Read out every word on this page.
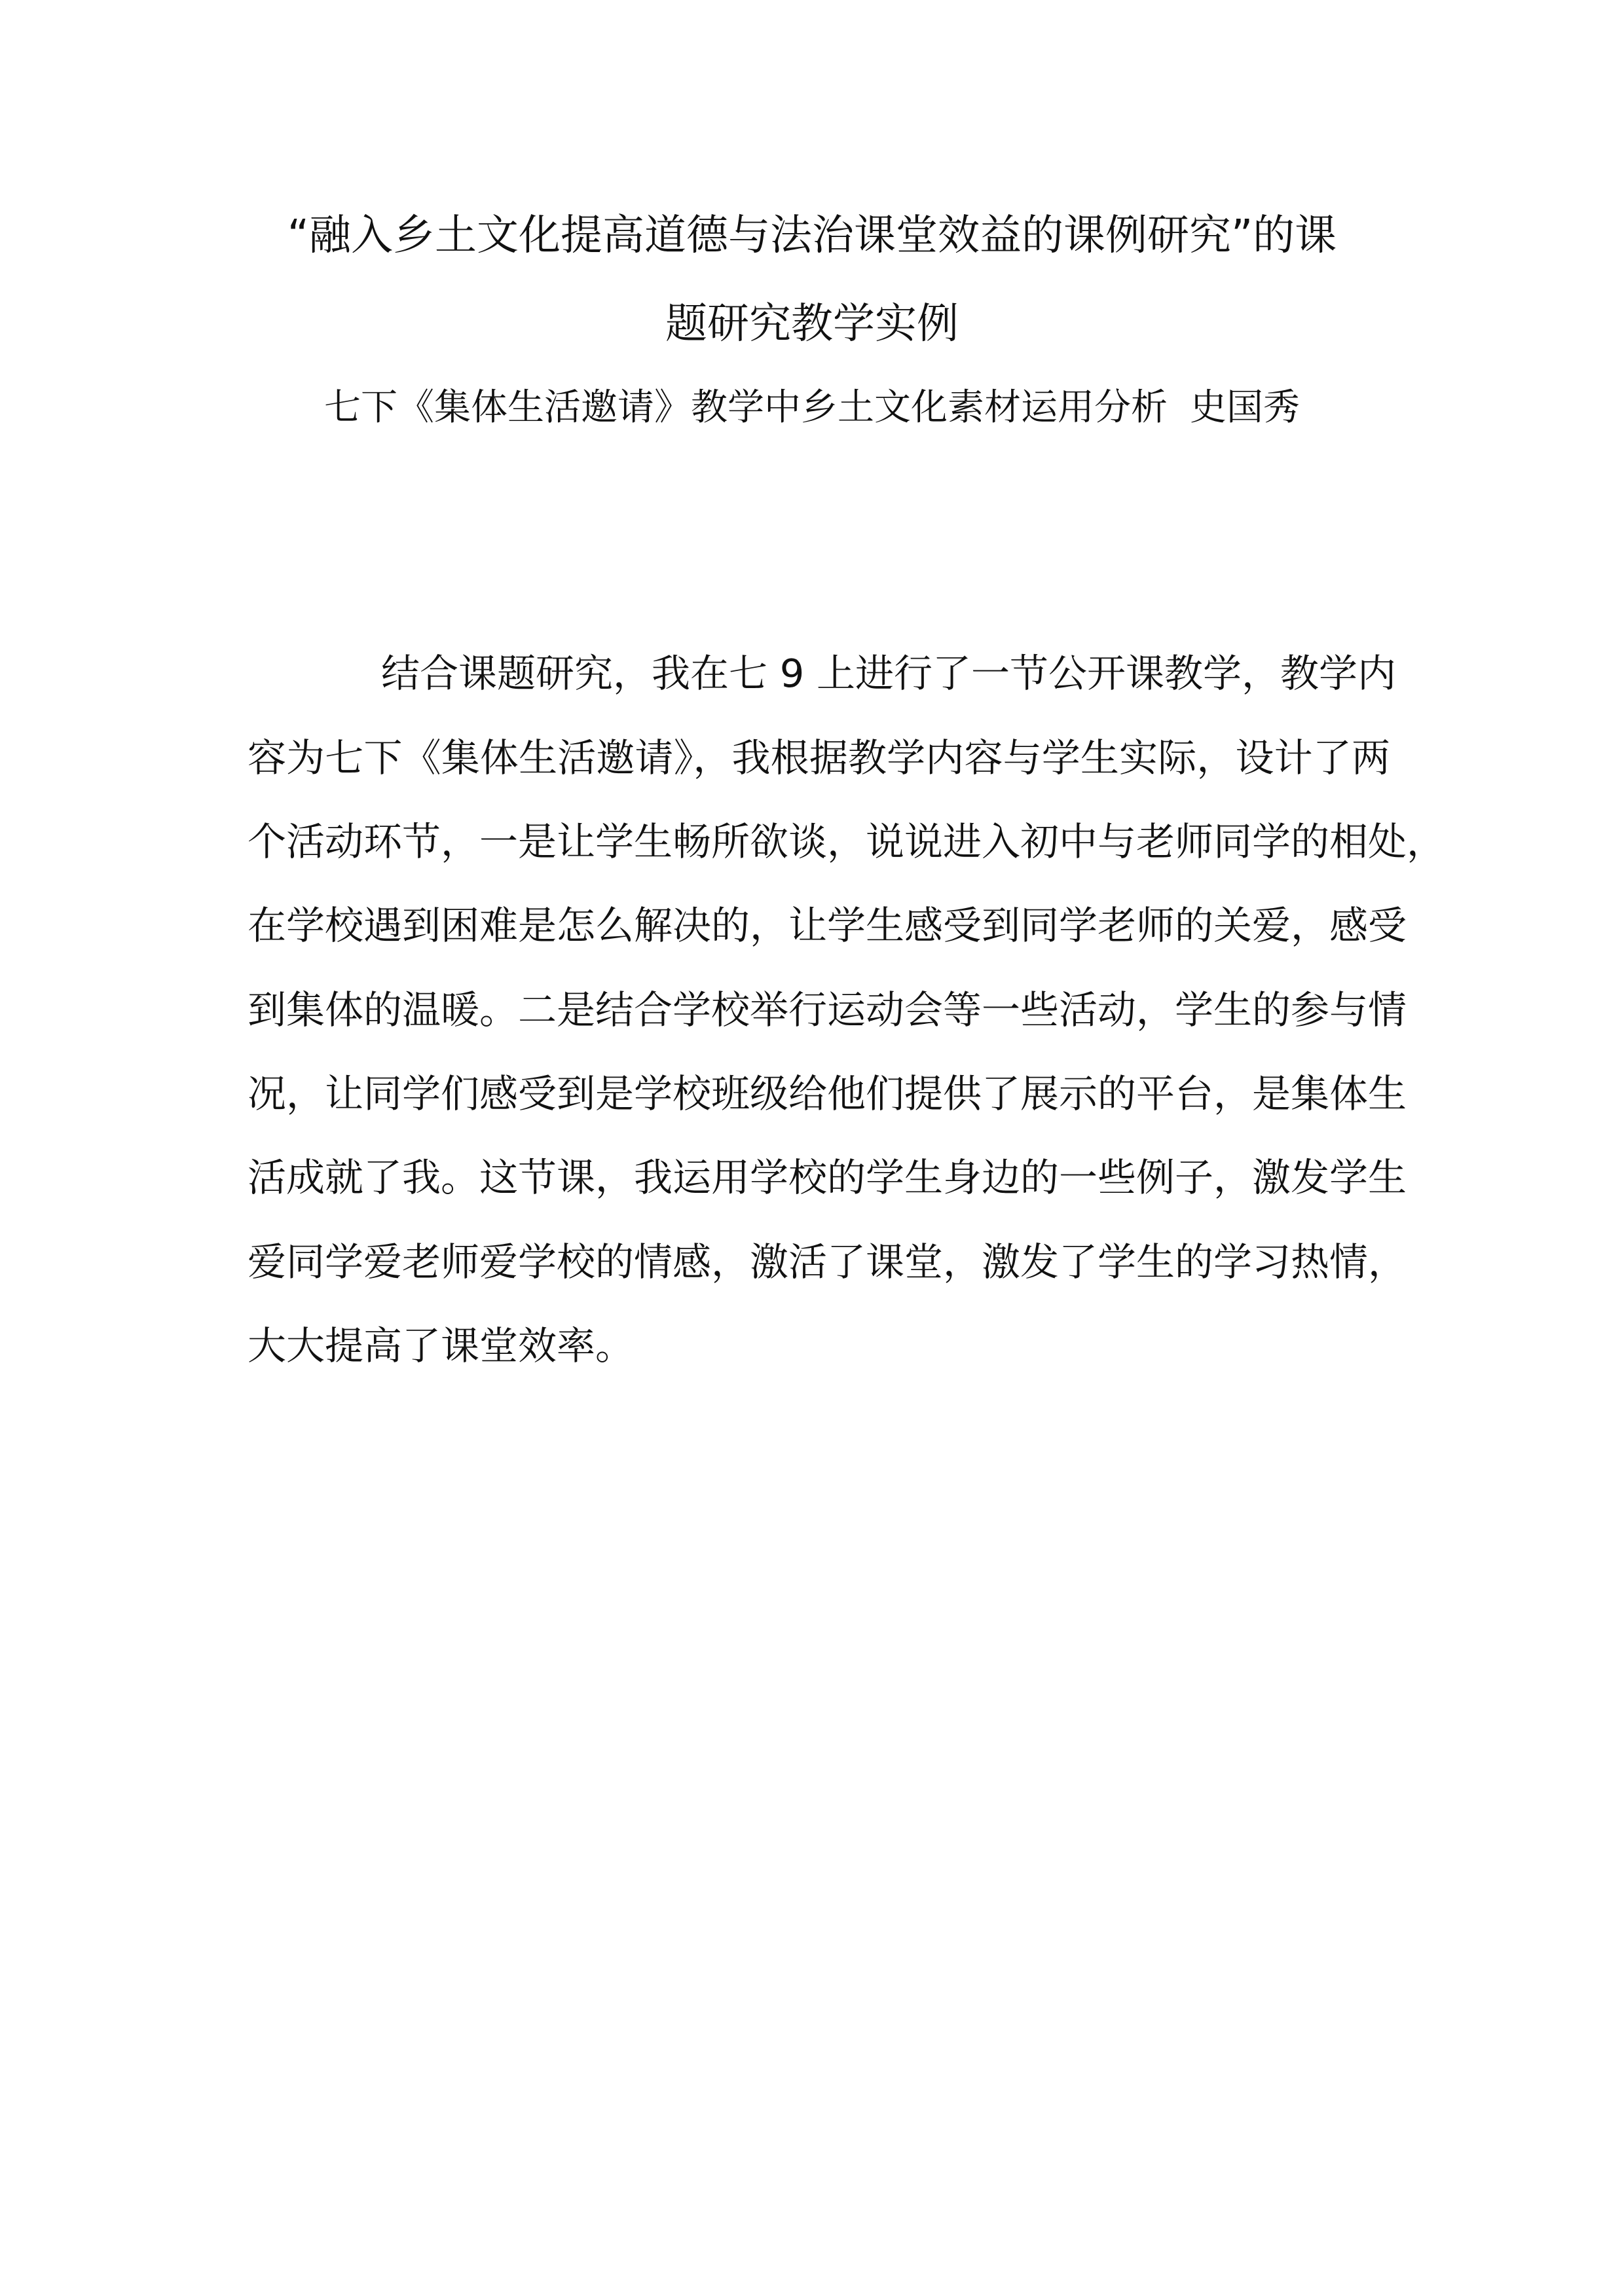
“融入乡土文化提高道德与法治课堂效益的课例研究”的课
题研究教学实例
七下《集体生活邀请》教学中乡土文化素材运用分析 史国秀
结合课题研究，我在七 9 上进行了一节公开课教学，教学内
容为七下《集体生活邀请》，我根据教学内容与学生实际，设计了两
个活动环节，一是让学生畅所欲谈，说说进入初中与老师同学的相处，
在学校遇到困难是怎么解决的，让学生感受到同学老师的关爱，感受
到集体的温暖。二是结合学校举行运动会等一些活动，学生的参与情
况，让同学们感受到是学校班级给他们提供了展示的平台，是集体生
活成就了我。这节课，我运用学校的学生身边的一些例子，激发学生
爱同学爱老师爱学校的情感，激活了课堂，激发了学生的学习热情，
大大提高了课堂效率。
